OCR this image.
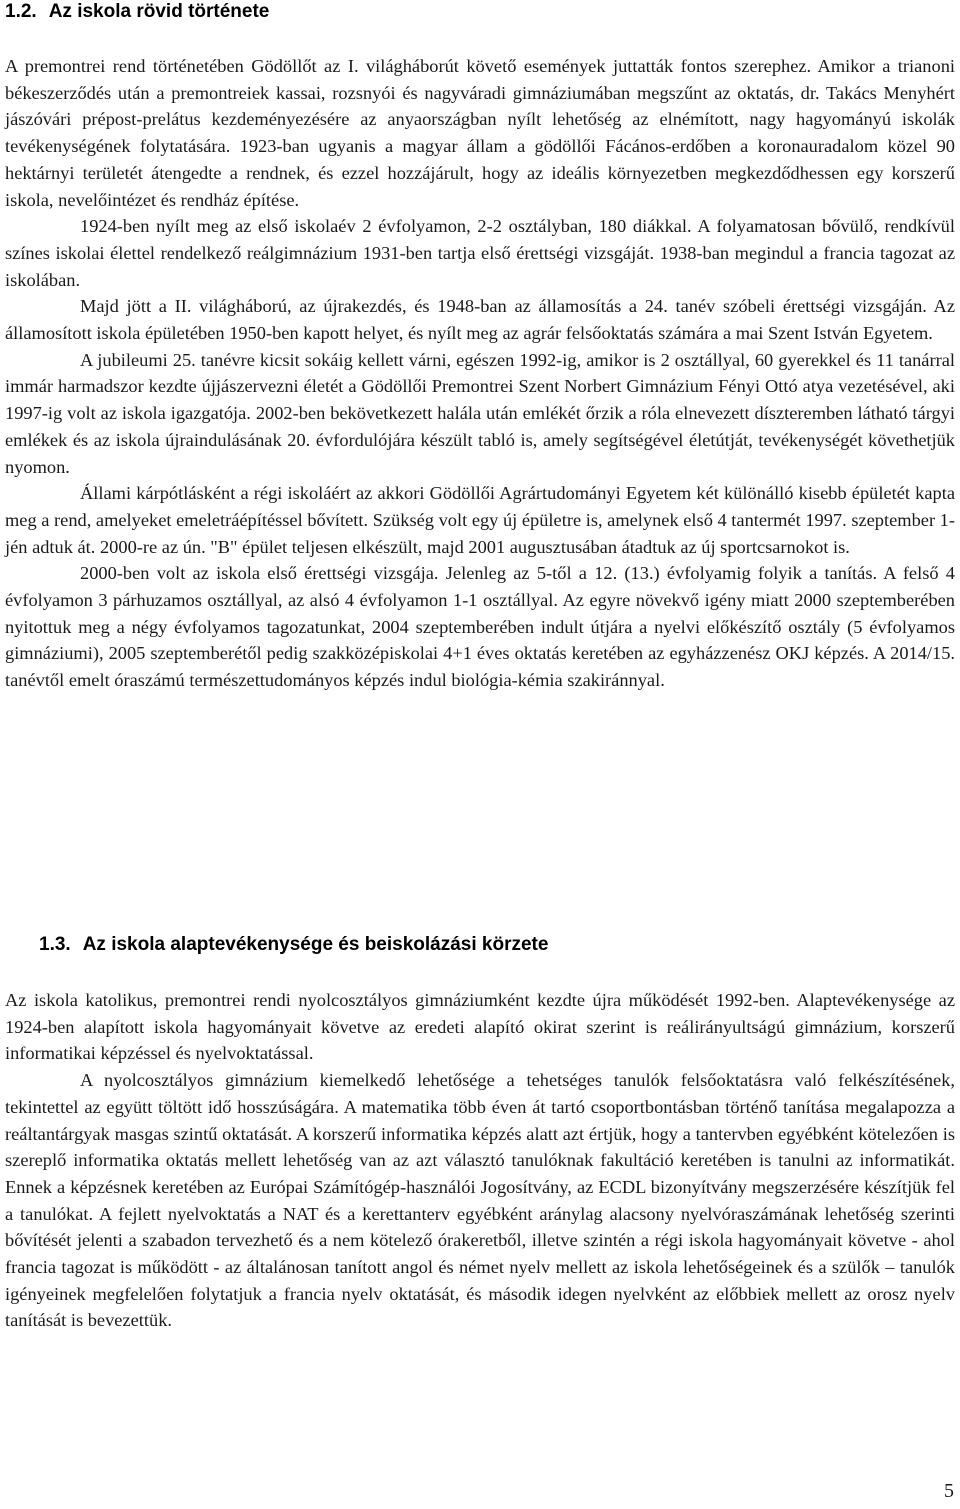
1.2. Az iskola rövid története

A premontrei rend történetében Gödöllőt az I. világháborút követő események juttatták fontos szerephez. Amikor a trianoni békeszerződés után a premontreiek kassai, rozsnyói és nagyváradi gimnáziumában megszűnt az oktatás, dr. Takács Menyhért jászóvári prépost-prelátus kezdeményezésére az anyaországban nyílt lehetőség az elnémított, nagy hagyományú iskolák tevékenységének folytatására. 1923-ban ugyanis a magyar állam a gödöllői Fácános-erdőben a koronauradalom közel 90 hektárnyi területét átengedte a rendnek, és ezzel hozzájárult, hogy az ideális környezetben megkezdődhessen egy korszerű iskola, nevelőintézet és rendház építése.

1924-ben nyílt meg az első iskolaév 2 évfolyamon, 2-2 osztályban, 180 diákkal. A folyamatosan bővülő, rendkívül színes iskolai élettel rendelkező reálgimnázium 1931-ben tartja első érettségi vizsgáját. 1938-ban megindul a francia tagozat az iskolában.

Majd jött a II. világháború, az újrakezdés, és 1948-ban az államosítás a 24. tanév szóbeli érettségi vizsgáján. Az államosított iskola épületében 1950-ben kapott helyet, és nyílt meg az agrár felsőoktatás számára a mai Szent István Egyetem.

A jubileumi 25. tanévre kicsit sokáig kellett várni, egészen 1992-ig, amikor is 2 osztállyal, 60 gyerekkel és 11 tanárral immár harmadszor kezdte újjászervezni életét a Gödöllői Premontrei Szent Norbert Gimnázium Fényi Ottó atya vezetésével, aki 1997-ig volt az iskola igazgatója. 2002-ben bekövetkezett halála után emlékét őrzik a róla elnevezett díszteremben látható tárgyi emlékek és az iskola újraindulásának 20. évfordulójára készült tabló is, amely segítségével életútját, tevékenységét követhetjük nyomon.

Állami kárpótlásként a régi iskoláért az akkori Gödöllői Agrártudományi Egyetem két különálló kisebb épületét kapta meg a rend, amelyeket emeletráépítéssel bővített. Szükség volt egy új épületre is, amelynek első 4 tantermét 1997. szeptember 1-jén adtuk át. 2000-re az ún. "B" épület teljesen elkészült, majd 2001 augusztusában átadtuk az új sportcsarnokot is.

2000-ben volt az iskola első érettségi vizsgája. Jelenleg az 5-től a 12. (13.) évfolyamig folyik a tanítás. A felső 4 évfolyamon 3 párhuzamos osztállyal, az alsó 4 évfolyamon 1-1 osztállyal. Az egyre növekvő igény miatt 2000 szeptemberében nyitottuk meg a négy évfolyamos tagozatunkat, 2004 szeptemberében indult útjára a nyelvi előkészítő osztály (5 évfolyamos gimnáziumi), 2005 szeptemberétől pedig szakközépiskolai 4+1 éves oktatás keretében az egyházzenész OKJ képzés. A 2014/15. tanévtől emelt óraszámú természettudományos képzés indul biológia-kémia szakiránnyal.

1.3. Az iskola alaptevékenysége és beiskolázási körzete

Az iskola katolikus, premontrei rendi nyolcosztályos gimnáziumként kezdte újra működését 1992-ben. Alaptevékenysége az 1924-ben alapított iskola hagyományait követve az eredeti alapító okirat szerint is reálirányultságú gimnázium, korszerű informatikai képzéssel és nyelvoktatással.

A nyolcosztályos gimnázium kiemelkedő lehetősége a tehetséges tanulók felsőoktatásra való felkészítésének, tekintettel az együtt töltött idő hosszúságára. A matematika több éven át tartó csoportbontásban történő tanítása megalapozza a reáltantárgyak masgas szintű oktatását. A korszerű informatika képzés alatt azt értjük, hogy a tantervben egyébként kötelezően is szereplő informatika oktatás mellett lehetőség van az azt választó tanulóknak fakultáció keretében is tanulni az informatikát. Ennek a képzésnek keretében az Európai Számítógép-használói Jogosítvány, az ECDL bizonyítvány megszerzésére készítjük fel a tanulókat. A fejlett nyelvoktatás a NAT és a kerettanterv egyébként aránylag alacsony nyelvóraszámának lehetőség szerinti bővítését jelenti a szabadon tervezhető és a nem kötelező órakeretből, illetve szintén a régi iskola hagyományait követve - ahol francia tagozat is működött - az általánosan tanított angol és német nyelv mellett az iskola lehetőségeinek és a szülők – tanulók igényeinek megfelelően folytatjuk a francia nyelv oktatását, és második idegen nyelvként az előbbiek mellett az orosz nyelv tanítását is bevezettük.

5
